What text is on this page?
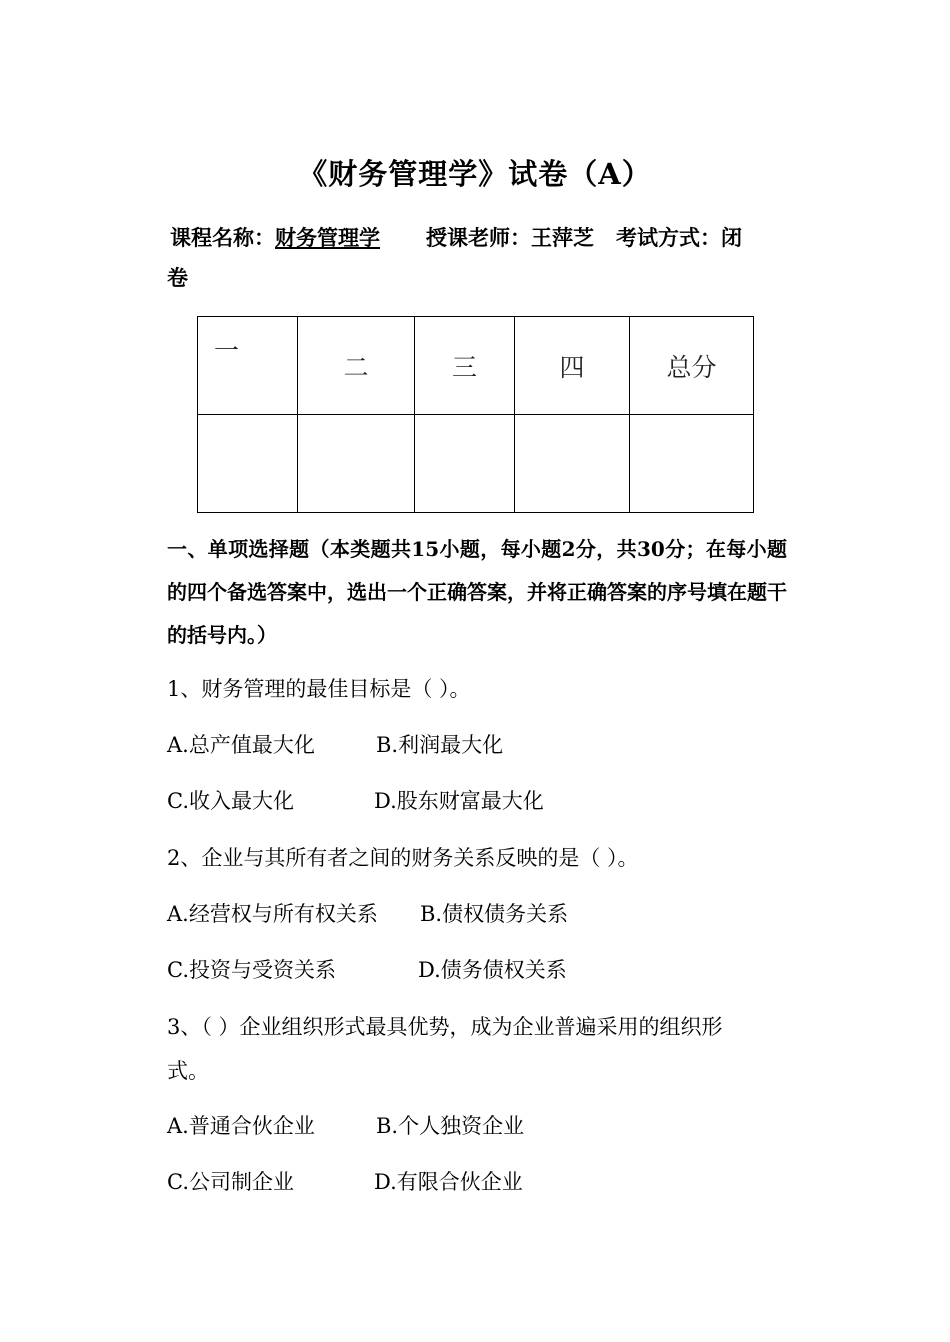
《财务管理学》试卷（A）
课程名称：财务管理学 授课老师：王萍芝 考试方式：闭
卷
一	二	三	四	总分

一、单项选择题（本类题共15小题，每小题2分，共30分；在每小题的四个备选答案中，选出一个正确答案，并将正确答案的序号填在题干的括号内。）
1、财务管理的最佳目标是（ ）。
A.总产值最大化	B.利润最大化
C.收入最大化	D.股东财富最大化
2、企业与其所有者之间的财务关系反映的是（ ）。
A.经营权与所有权关系 B.债权债务关系
C.投资与受资关系	D.债务债权关系
3、（ ）企业组织形式最具优势，成为企业普遍采用的组织形
式。
A.普通合伙企业	B.个人独资企业
C.公司制企业	D.有限合伙企业
